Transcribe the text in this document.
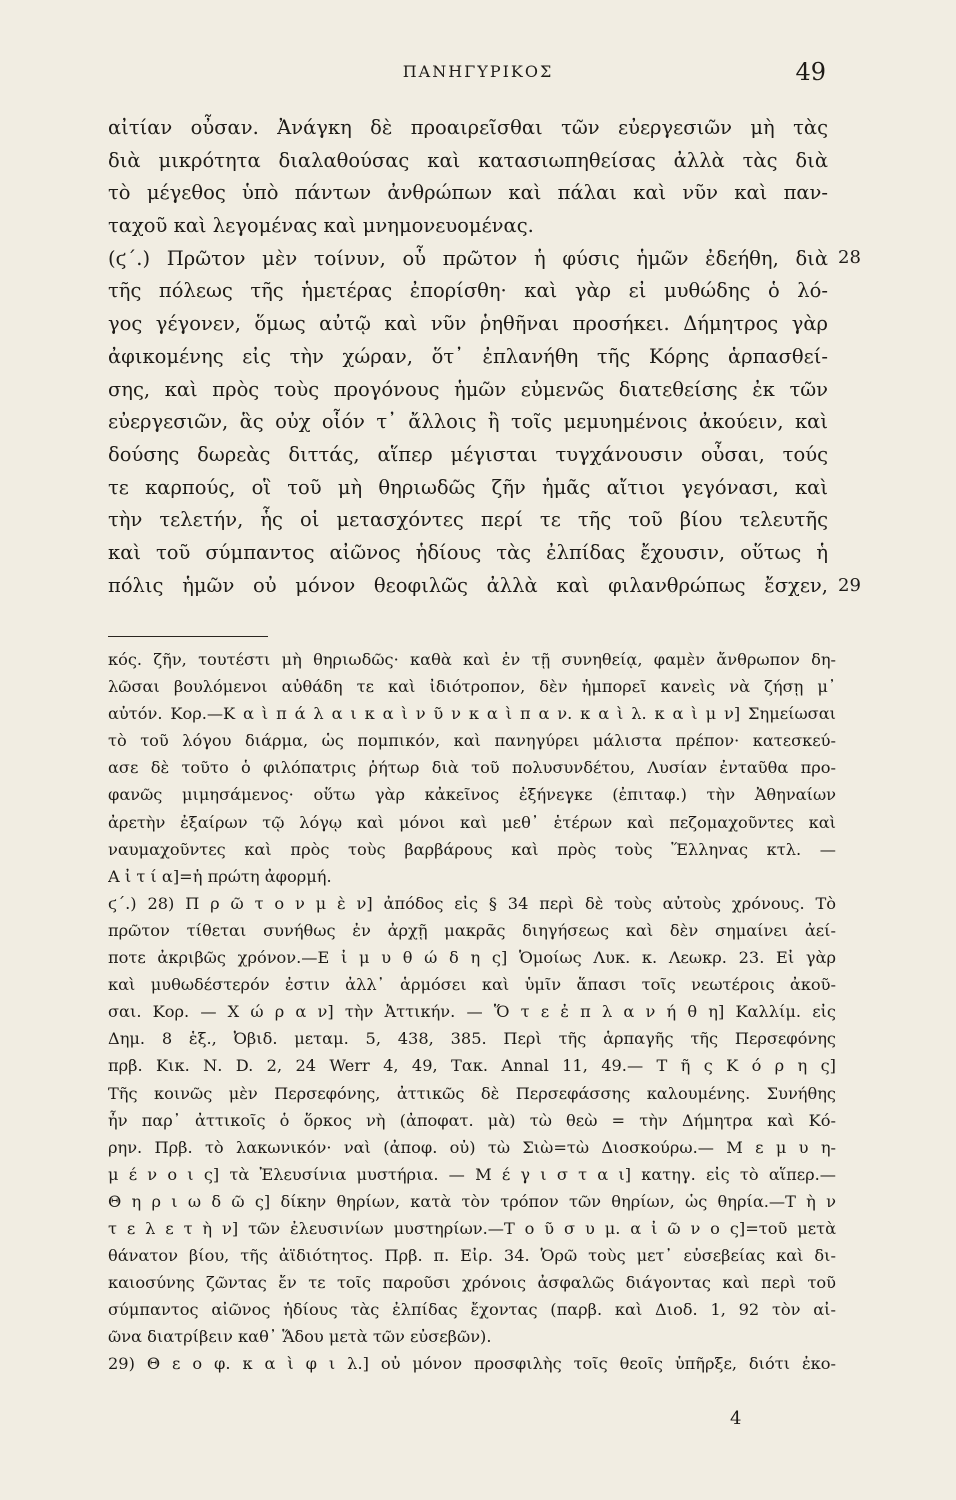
ΠΑΝΗΓΥΡΙΚΟΣ	49
αἰτίαν οὖσαν. Ἀνάγκη δὲ προαιρεῖσθαι τῶν εὐεργεσιῶν μὴ τὰς
διὰ μικρότητα διαλαθούσας καὶ κατασιωπηθείσας ἀλλὰ τὰς διὰ
τὸ μέγεθος ὑπὸ πάντων ἀνθρώπων καὶ πάλαι καὶ νῦν καὶ παν-
ταχοῦ καὶ λεγομένας καὶ μνημονευομένας.
(ϛ΄.) Πρῶτον μὲν τοίνυν, οὗ πρῶτον ἡ φύσις ἡμῶν ἐδεήθη, διὰ
τῆς πόλεως τῆς ἡμετέρας ἐπορίσθη· καὶ γὰρ εἰ μυθώδης ὁ λό-
γος γέγονεν, ὅμως αὐτῷ καὶ νῦν ῥηθῆναι προσήκει. Δήμητρος γὰρ
ἀφικομένης εἰς τὴν χώραν, ὅτ᾽ ἐπλανήθη τῆς Κόρης ἁρπασθεί-
σης, καὶ πρὸς τοὺς προγόνους ἡμῶν εὐμενῶς διατεθείσης ἐκ τῶν
εὐεργεσιῶν, ἃς οὐχ οἷόν τ᾽ ἄλλοις ἢ τοῖς μεμυημένοις ἀκούειν, καὶ
δούσης δωρεὰς διττάς, αἵπερ μέγισται τυγχάνουσιν οὖσαι, τούς
τε καρπούς, οἳ τοῦ μὴ θηριωδῶς ζῆν ἡμᾶς αἴτιοι γεγόνασι, καὶ
τὴν τελετήν, ἧς οἱ μετασχόντες περί τε τῆς τοῦ βίου τελευτῆς
καὶ τοῦ σύμπαντος αἰῶνος ἡδίους τὰς ἐλπίδας ἔχουσιν, οὕτως ἡ
πόλις ἡμῶν οὐ μόνον θεοφιλῶς ἀλλὰ καὶ φιλανθρώπως ἔσχεν,
28
29
κός. ζῆν, τουτέστι μὴ θηριωδῶς· καθὰ καὶ ἐν τῇ συνηθείᾳ, φαμὲν ἄνθρωπον δη-
λῶσαι βουλόμενοι αὐθάδη τε καὶ ἰδιότροπον, δὲν ἠμπορεῖ κανεὶς νὰ ζήσῃ μ᾽
αὐτόν. Κορ.—Κ α ὶ π ά λ α ι κ α ὶ ν ῦ ν κ α ὶ π α ν. κ α ὶ λ. κ α ὶ μ ν] Σημείωσαι
τὸ τοῦ λόγου διάρμα, ὡς πομπικόν, καὶ πανηγύρει μάλιστα πρέπον· κατεσκεύ-
ασε δὲ τοῦτο ὁ φιλόπατρις ῥήτωρ διὰ τοῦ πολυσυνδέτου, Λυσίαν ἐνταῦθα προ-
φανῶς μιμησάμενος· οὕτω γὰρ κἀκεῖνος ἐξήνεγκε (ἐπιταφ.) τὴν Ἀθηναίων
ἀρετὴν ἐξαίρων τῷ λόγῳ καὶ μόνοι καὶ μεθ᾽ ἑτέρων καὶ πεζομαχοῦντες καὶ
ναυμαχοῦντες καὶ πρὸς τοὺς βαρβάρους καὶ πρὸς τοὺς Ἕλληνας κτλ. —
Α ἰ τ ί α]=ἡ πρώτη ἀφορμή.
ϛ΄.) 28) Π ρ ῶ τ ο ν μ ὲ ν] ἀπόδος εἰς § 34 περὶ δὲ τοὺς αὐτοὺς χρόνους. Τὸ
πρῶτον τίθεται συνήθως ἐν ἀρχῇ μακρᾶς διηγήσεως καὶ δὲν σημαίνει ἀεί-
ποτε ἀκριβῶς χρόνον.—Ε ἰ μ υ θ ώ δ η ς] Ὁμοίως Λυκ. κ. Λεωκρ. 23. Εἰ γὰρ
καὶ μυθωδέστερόν ἐστιν ἀλλ᾽ ἁρμόσει καὶ ὑμῖν ἅπασι τοῖς νεωτέροις ἀκοῦ-
σαι. Κορ. — Χ ώ ρ α ν] τὴν Ἀττικήν. — Ὅ τ ε ἐ π λ α ν ή θ η] Καλλίμ. εἰς
Δημ. 8 ἑξ., Ὀβιδ. μεταμ. 5, 438, 385. Περὶ τῆς ἁρπαγῆς τῆς Περσεφόνης
πρβ. Κικ. Ν. D. 2, 24 Werr 4, 49, Τακ. Annal 11, 49.— Τ ῆ ς Κ ό ρ η ς]
Τῆς κοινῶς μὲν Περσεφόνης, ἀττικῶς δὲ Περσεφάσσης καλουμένης. Συνήθης
ἦν παρ᾽ ἀττικοῖς ὁ ὅρκος νὴ (ἀποφατ. μὰ) τὼ θεὼ = τὴν Δήμητρα καὶ Κό-
ρην. Πρβ. τὸ λακωνικόν· ναὶ (ἀποφ. οὐ) τὼ Σιὼ=τὼ Διοσκούρω.— Μ ε μ υ η-
μ έ ν ο ι ς] τὰ Ἐλευσίνια μυστήρια. — Μ έ γ ι σ τ α ι] κατηγ. εἰς τὸ αἵπερ.—
Θ η ρ ι ω δ ῶ ς] δίκην θηρίων, κατὰ τὸν τρόπον τῶν θηρίων, ὡς θηρία.—Τ ὴ ν
τ ε λ ε τ ὴ ν] τῶν ἐλευσινίων μυστηρίων.—Τ ο ῦ σ υ μ. α ἰ ῶ ν ο ς]=τοῦ μετὰ
θάνατον βίου, τῆς ἀϊδιότητος. Πρβ. π. Εἰρ. 34. Ὁρῶ τοὺς μετ᾽ εὐσεβείας καὶ δι-
καιοσύνης ζῶντας ἔν τε τοῖς παροῦσι χρόνοις ἀσφαλῶς διάγοντας καὶ περὶ τοῦ
σύμπαντος αἰῶνος ἡδίους τὰς ἐλπίδας ἔχοντας (παρβ. καὶ Διοδ. 1, 92 τὸν αἰ-
ῶνα διατρίβειν καθ᾽ Ἅδου μετὰ τῶν εὐσεβῶν).
29) Θ ε ο φ. κ α ὶ φ ι λ.] οὐ μόνον προσφιλὴς τοῖς θεοῖς ὑπῆρξε, διότι ἐκο-
4
